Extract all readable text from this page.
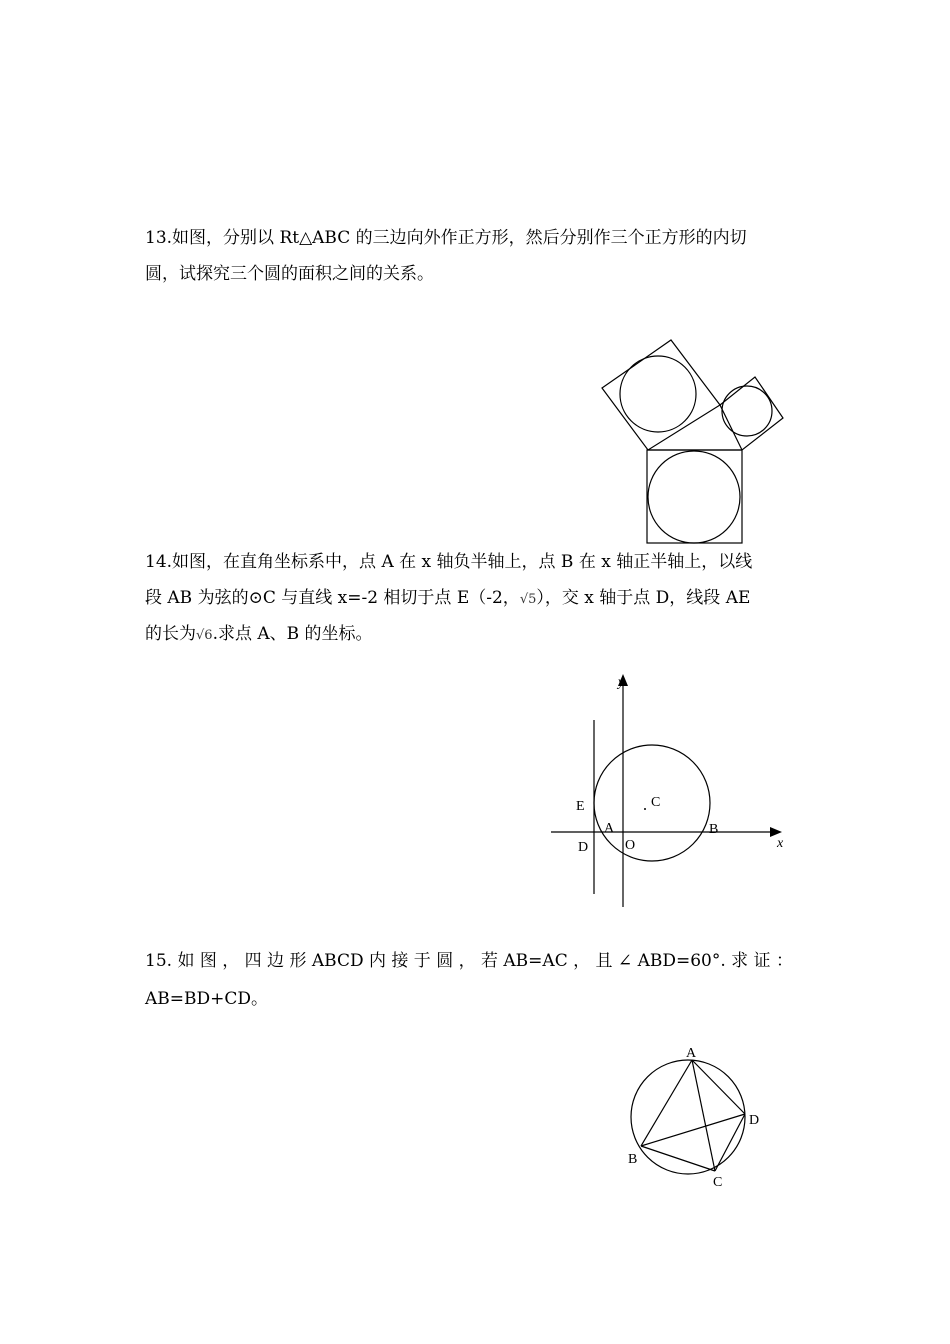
13.如图，分别以 Rt△ABC 的三边向外作正方形，然后分别作三个正方形的内切
圆，试探究三个圆的面积之间的关系。
14.如图，在直角坐标系中，点 A 在 x 轴负半轴上，点 B 在 x 轴正半轴上，以线
段 AB 为弦的⊙C 与直线 x=-2 相切于点 E（-2，√5），交 x 轴于点 D，线段 AE
的长为√6.求点 A、B 的坐标。
y
x
E	C
A	B
D	O
15. 如 图 ， 四 边 形 ABCD 内 接 于 圆 ， 若 AB=AC ， 且 ∠ ABD=60°. 求 证 ：
AB=BD+CD。
A
B
C
D
